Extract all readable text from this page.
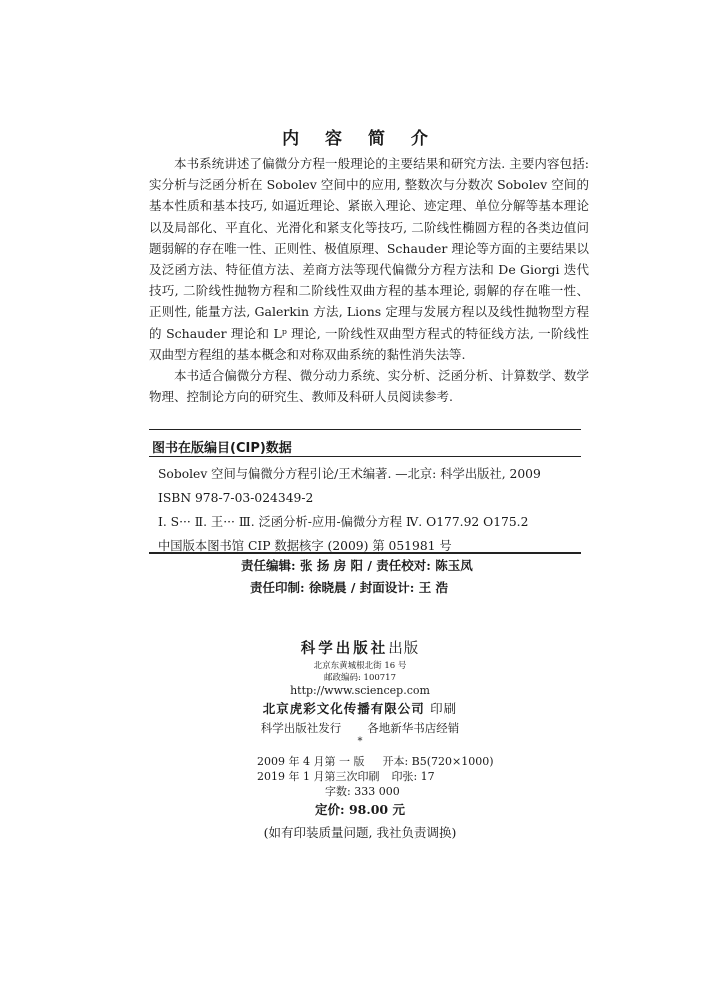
内 容 简 介

本书系统讲述了偏微分方程一般理论的主要结果和研究方法. 主要内容包括: 实分析与泛函分析在 Sobolev 空间中的应用, 整数次与分数次 Sobolev 空间的基本性质和基本技巧, 如逼近理论、紧嵌入理论、迹定理、单位分解等基本理论以及局部化、平直化、光滑化和紧支化等技巧, 二阶线性椭圆方程的各类边值问题弱解的存在唯一性、正则性、极值原理、Schauder 理论等方面的主要结果以及泛函方法、特征值方法、差商方法等现代偏微分方程方法和 De Giorgi 迭代技巧, 二阶线性抛物方程和二阶线性双曲方程的基本理论, 弱解的存在唯一性、正则性, 能量方法, Galerkin 方法, Lions 定理与发展方程以及线性抛物型方程的 Schauder 理论和 Lᵖ 理论, 一阶线性双曲型方程式的特征线方法, 一阶线性双曲型方程组的基本概念和对称双曲系统的黏性消失法等.

本书适合偏微分方程、微分动力系统、实分析、泛函分析、计算数学、数学物理、控制论方向的研究生、教师及科研人员阅读参考.

图书在版编目(CIP)数据
Sobolev 空间与偏微分方程引论/王术编著. —北京: 科学出版社, 2009
ISBN 978-7-03-024349-2
Ⅰ. S··· Ⅱ. 王··· Ⅲ. 泛函分析-应用-偏微分方程 Ⅳ. O177.92 O175.2
中国版本图书馆 CIP 数据核字 (2009) 第 051981 号
责任编辑: 张 扬 房 阳 / 责任校对: 陈玉凤
责任印制: 徐晓晨 / 封面设计: 王 浩
科学出版社出版
北京东黄城根北街 16 号
邮政编码: 100717
http://www.sciencep.com
北京虎彩文化传播有限公司 印刷
科学出版社发行 各地新华书店经销
*
2009 年 4 月第 一 版 开本: B5(720×1000)
2019 年 1 月第三次印刷 印张: 17
字数: 333 000
定价: 98.00 元
(如有印装质量问题, 我社负责调换)
